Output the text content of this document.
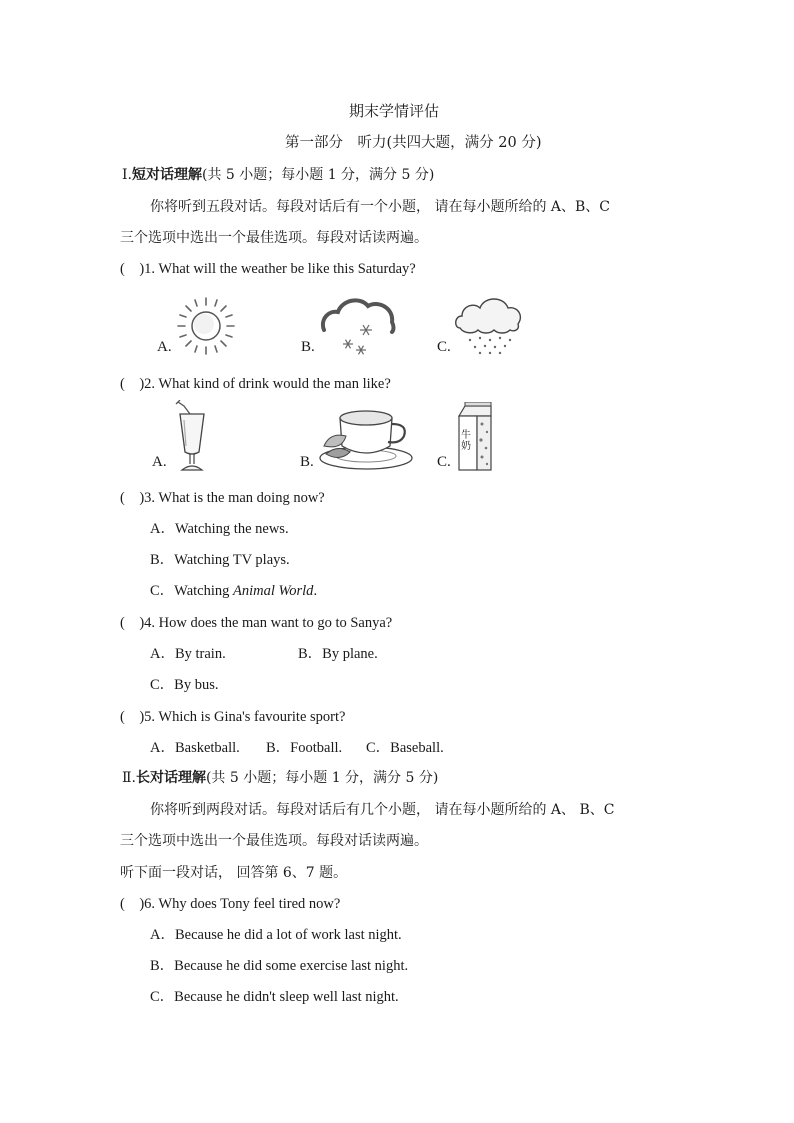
期末学情评估
第一部分　听力(共四大题，满分 20 分)
Ⅰ.短对话理解(共 5 小题；每小题 1 分，满分 5 分)
你将听到五段对话。每段对话后有一个小题， 请在每小题所给的 A、B、C
三个选项中选出一个最佳选项。每段对话读两遍。
(　)1. What will the weather be like this Saturday?
A.	B.	C.
(　)2. What kind of drink would the man like?
A.	B.	C.
牛奶
(　)3. What is the man doing now?
A．Watching the news.
B．Watching TV plays.
C．Watching Animal World.
(　)4. How does the man want to go to Sanya?
A．By train.	B．By plane.
C．By bus.
(　)5. Which is Gina's favourite sport?
A．Basketball. B．Football. C．Baseball.
Ⅱ.长对话理解(共 5 小题；每小题 1 分，满分 5 分)
你将听到两段对话。每段对话后有几个小题， 请在每小题所给的 A、 B、C
三个选项中选出一个最佳选项。每段对话读两遍。
听下面一段对话， 回答第 6、7 题。
(　)6. Why does Tony feel tired now?
A．Because he did a lot of work last night.
B．Because he did some exercise last night.
C．Because he didn't sleep well last night.
